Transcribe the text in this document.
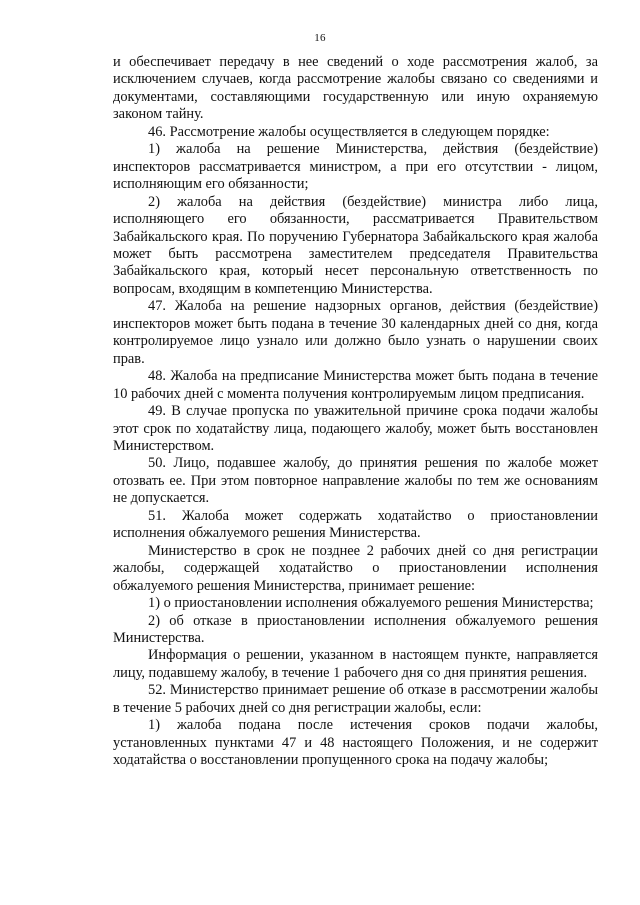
16

и обеспечивает передачу в нее сведений о ходе рассмотрения жалоб, за исключением случаев, когда рассмотрение жалобы связано со сведениями и документами, составляющими государственную или иную охраняемую законом тайну.

46. Рассмотрение жалобы осуществляется в следующем порядке:

1) жалоба на решение Министерства, действия (бездействие) инспекторов рассматривается министром, а при его отсутствии - лицом, исполняющим его обязанности;

2) жалоба на действия (бездействие) министра либо лица, исполняющего его обязанности, рассматривается Правительством Забайкальского края. По поручению Губернатора Забайкальского края жалоба может быть рассмотрена заместителем председателя Правительства Забайкальского края, который несет персональную ответственность по вопросам, входящим в компетенцию Министерства.

47. Жалоба на решение надзорных органов, действия (бездействие) инспекторов может быть подана в течение 30 календарных дней со дня, когда контролируемое лицо узнало или должно было узнать о нарушении своих прав.

48. Жалоба на предписание Министерства может быть подана в течение 10 рабочих дней с момента получения контролируемым лицом предписания.

49. В случае пропуска по уважительной причине срока подачи жалобы этот срок по ходатайству лица, подающего жалобу, может быть восстановлен Министерством.

50. Лицо, подавшее жалобу, до принятия решения по жалобе может отозвать ее. При этом повторное направление жалобы по тем же основаниям не допускается.

51. Жалоба может содержать ходатайство о приостановлении исполнения обжалуемого решения Министерства.

Министерство в срок не позднее 2 рабочих дней со дня регистрации жалобы, содержащей ходатайство о приостановлении исполнения обжалуемого решения Министерства, принимает решение:

1) о приостановлении исполнения обжалуемого решения Министерства;

2) об отказе в приостановлении исполнения обжалуемого решения Министерства.

Информация о решении, указанном в настоящем пункте, направляется лицу, подавшему жалобу, в течение 1 рабочего дня со дня принятия решения.

52. Министерство принимает решение об отказе в рассмотрении жалобы в течение 5 рабочих дней со дня регистрации жалобы, если:

1) жалоба подана после истечения сроков подачи жалобы, установленных пунктами 47 и 48 настоящего Положения, и не содержит ходатайства о восстановлении пропущенного срока на подачу жалобы;
